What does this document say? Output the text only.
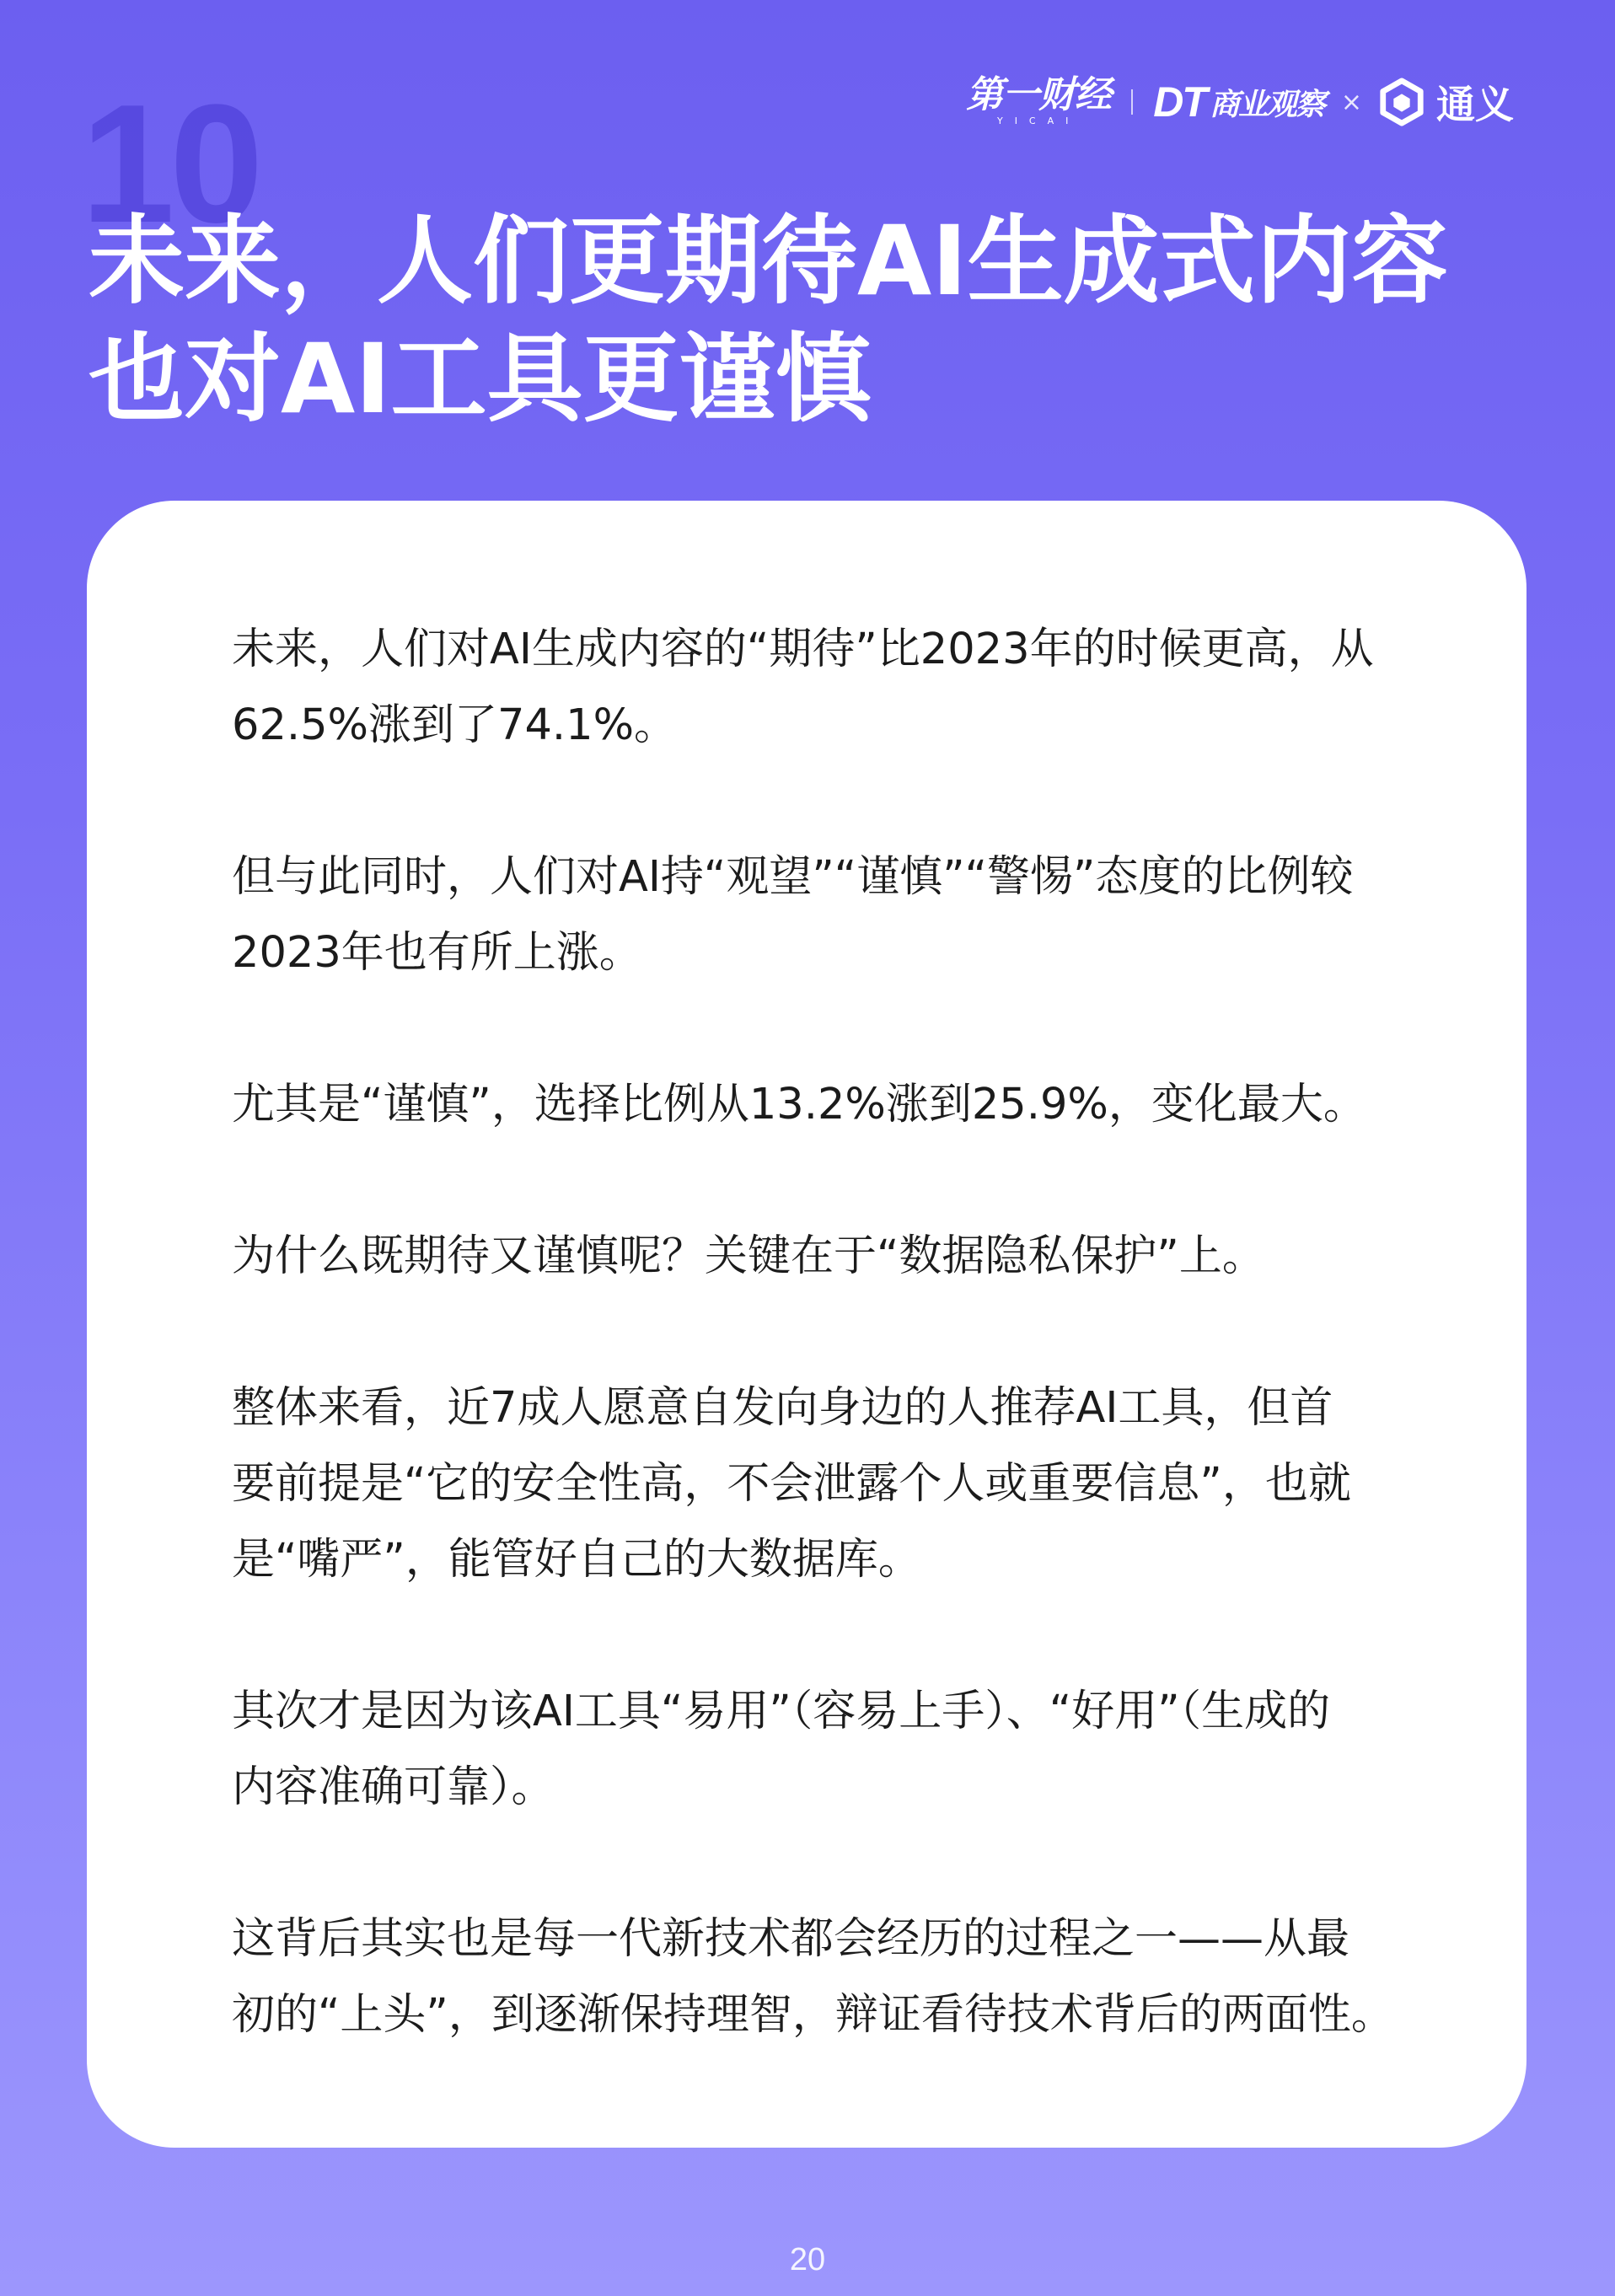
10	第一财经
YICAI DT 商业观察 × 通义
未来，人们更期待AI生成式内容
也对AI工具更谨慎
未来，人们对AI生成内容的“期待”比2023年的时候更高，从
62.5%涨到了74.1%。
但与此同时，人们对AI持“观望”“谨慎”“警惕”态度的比例较
2023年也有所上涨。
尤其是“谨慎”，选择比例从13.2%涨到25.9%，变化最大。
为什么既期待又谨慎呢？关键在于“数据隐私保护”上。
整体来看，近7成人愿意自发向身边的人推荐AI工具，但首
要前提是“它的安全性高，不会泄露个人或重要信息”，也就
是“嘴严”，能管好自己的大数据库。
其次才是因为该AI工具“易用”（容易上手）、“好用”（生成的
内容准确可靠）。
这背后其实也是每一代新技术都会经历的过程之一——从最
初的“上头”，到逐渐保持理智，辩证看待技术背后的两面性。
20
